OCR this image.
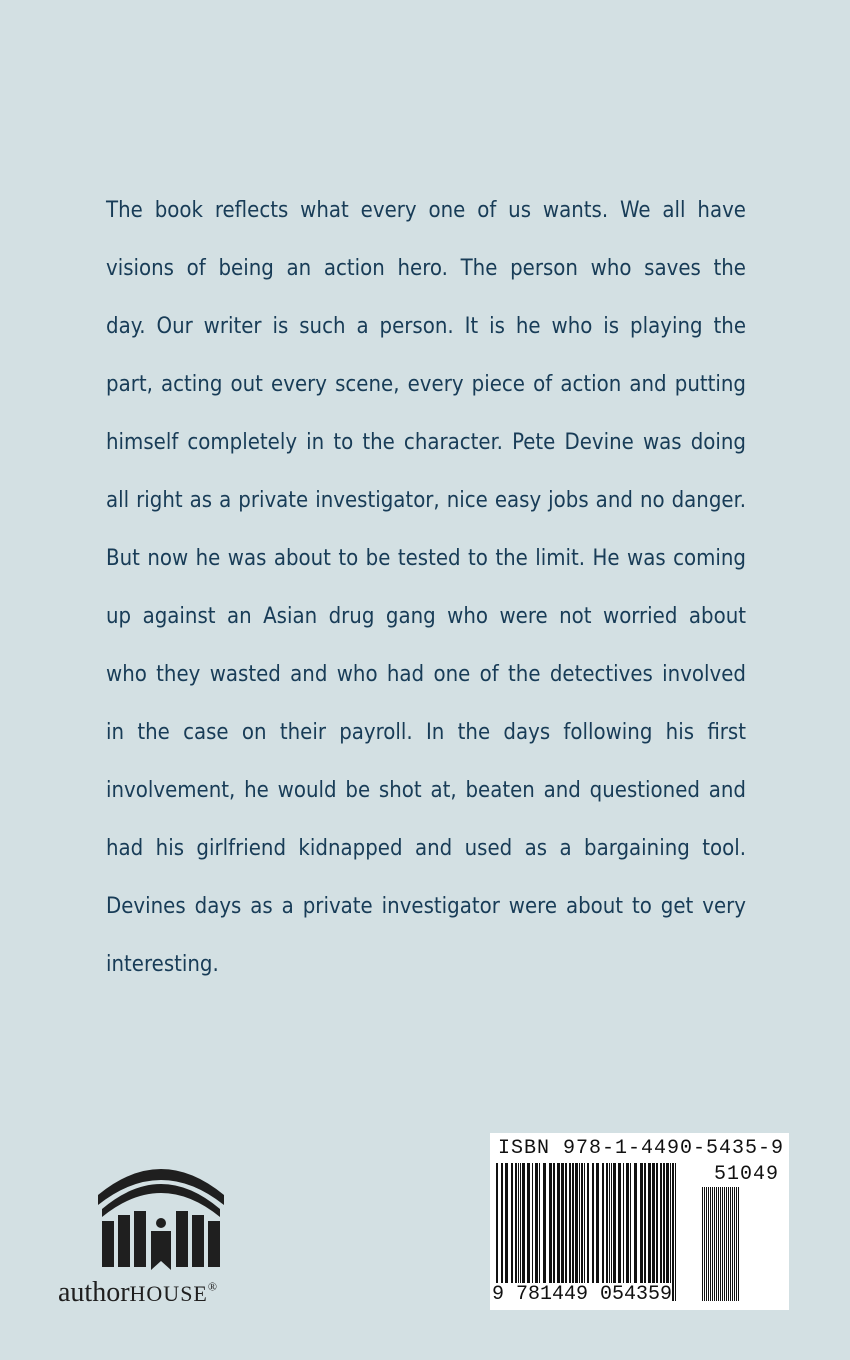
The book reflects what every one of us wants. We all have
visions of being an action hero. The person who saves the
day. Our writer is such a person. It is he who is playing the
part, acting out every scene, every piece of action and putting
himself completely in to the character. Pete Devine was doing
all right as a private investigator, nice easy jobs and no danger.
But now he was about to be tested to the limit. He was coming
up against an Asian drug gang who were not worried about
who they wasted and who had one of the detectives involved
in the case on their payroll. In the days following his first
involvement, he would be shot at, beaten and questioned and
had his girlfriend kidnapped and used as a bargaining tool.
Devines days as a private investigator were about to get very
interesting.
authorHOUSE®
ISBN 978-1-4490-5435-9
51049
9 781449 054359
